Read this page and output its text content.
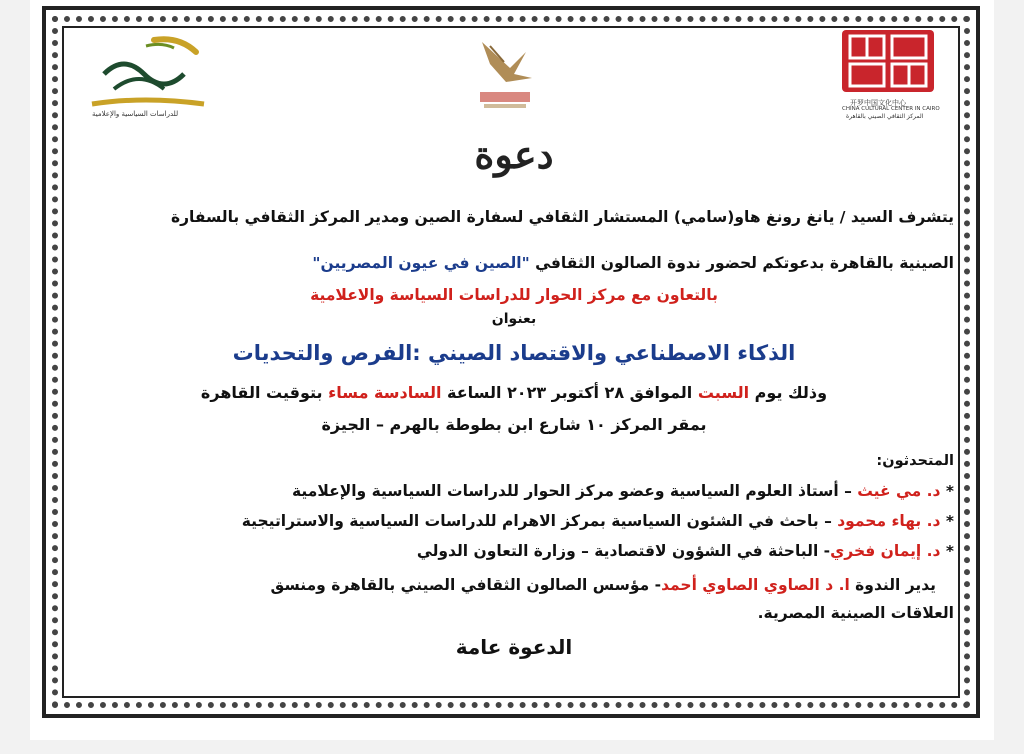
للدراسات السياسية والإعلامية
开罗中国文化中心
CHINA CULTURAL CENTER IN CAIRO
المركز الثقافي الصيني بالقاهرة
دعوة
يتشرف السيد / يانغ رونغ هاو(سامي) المستشار الثقافي لسفارة الصين ومدير المركز الثقافي بالسفارة
الصينية بالقاهرة بدعوتكم لحضور ندوة الصالون الثقافي "الصين في عيون المصريين"
بالتعاون مع مركز الحوار للدراسات السياسة والاعلامية
بعنوان
الذكاء الاصطناعي والاقتصاد الصيني :الفرص والتحديات
وذلك يوم السبت الموافق ٢٨ أكتوبر ٢٠٢٣ الساعة السادسة مساء بتوقيت القاهرة
بمقر المركز ١٠ شارع ابن بطوطة بالهرم – الجيزة
المتحدثون:
* د. مي غيث – أستاذ العلوم السياسية وعضو مركز الحوار للدراسات السياسية والإعلامية
* د. بهاء محمود – باحث في الشئون السياسية بمركز الاهرام للدراسات السياسية والاستراتيجية
* د. إيمان فخري- الباحثة في الشؤون لاقتصادية – وزارة التعاون الدولي
يدير الندوة ا. د الصاوي الصاوي أحمد- مؤسس الصالون الثقافي الصيني بالقاهرة ومنسق
العلاقات الصينية المصرية.
الدعوة عامة
